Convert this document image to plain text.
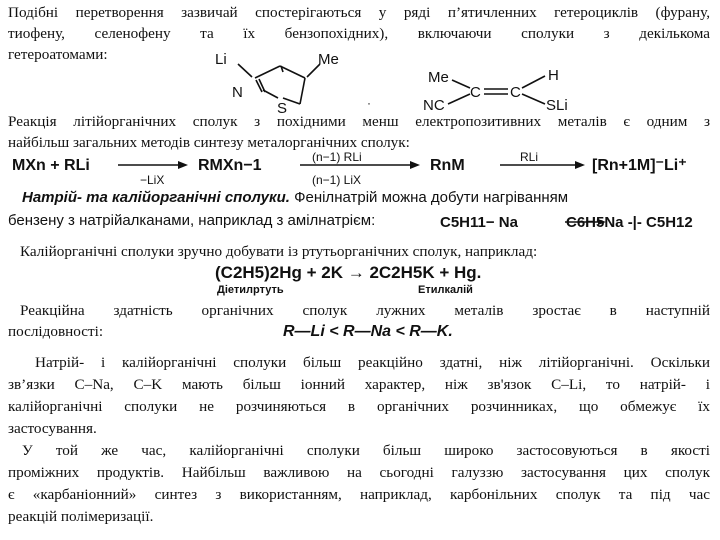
Подібні перетворення зазвичай спостерігаються у ряді п’ятичленних гетероциклів (фурану,
тиофену, селенофену та їх бензопохідних), включаючи сполуки з декількома
гетероатомами:	Li	Me
N
S	·
Me
C C
H
NC	SLi
Реакція літійорганічних сполук з похідними менш електропозитивних металів є одним з
найбільш загальних методів синтезу металорганічних сполук:
MXn + RLi
−LiX
RMXn−1	(n−1) RLi
(n−1) LiX
RnM	RLi	[Rn+1M]⁻Li⁺
Натрій- та калійорганічні сполуки. Фенілнатрій можна добути нагріванням
бензену з натрійалканами, наприклад з амілнатрієм:	C5H11− Na	C6H5Na -|- C5H12
Калійорганічні сполуки зручно добувати із ртутьорганічних сполук, наприклад:
(C2H5)2Hg + 2K → 2C2H5K + Hg.
Діетилртуть	Етилкалій
Реакційна здатність органічних сполук лужних металів зростає в наступній
послідовності:	R—Li < R—Na < R—K.
Натрій- і калійорганічні сполуки більш реакційно здатні, ніж літійорганічні. Оскільки
зв’язки C–Na, C–K мають більш іонний характер, ніж зв'язок C–Li, то натрій- і
калійорганічні сполуки не розчиняються в органічних розчинниках, що обмежує їх
застосування.
У той же час, калійорганічні сполуки більш широко застосовуються в якості
проміжних продуктів. Найбільш важливою на сьогодні галуззю застосування цих сполук
є «карбаніонний» синтез з використанням, наприклад, карбонільних сполук та під час
реакцій полімеризації.
